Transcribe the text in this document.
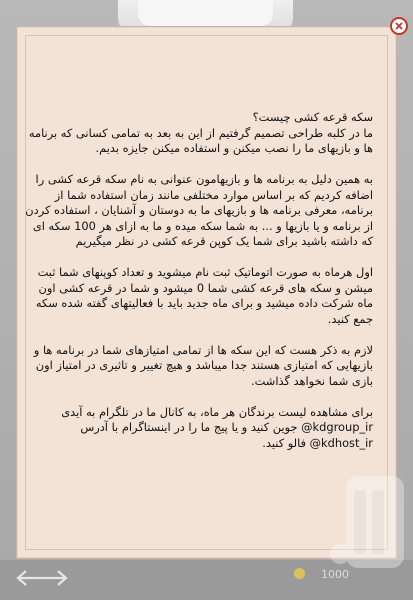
1000

سکه قرعه کشی چیست؟

ما در کلبه طراحی تصمیم گرفتیم از این به بعد به تمامی کسانی که برنامه ها و بازیهای ما را نصب میکنن و استفاده میکنن جایزه بدیم.

به همین دلیل به برنامه ها و بازیهامون عنوانی به نام سکه قرعه کشی را اضافه کردیم که بر اساس موارد مختلفی مانند زمان استفاده شما از برنامه، معرفی برنامه ها و بازیهای ما به دوستان و آشنایان ، استفاده کردن از برنامه و یا بازیها و ... به شما سکه میده و ما به ازای هر 100 سکه ای که داشته باشید برای شما یک کوپن قرعه کشی در نظر میگیریم

اول هرماه به صورت اتوماتیک ثبت نام میشوید و تعداد کوپنهای شما ثبت میشن و سکه های قرعه کشی شما 0 میشود و شما در قرعه کشی اون ماه شرکت داده میشید و برای ماه جدید باید با فعالیتهای گفته شده سکه جمع کنید.

لازم به ذکر هست که این سکه ها از تمامی امتیازهای شما در برنامه ها و بازیهایی که امتیازی هستند جدا میباشد و هیچ تغییر و تاثیری در امتیاز اون بازی شما نخواهد گذاشت.

برای مشاهده لیست برندگان هر ماه، به کانال ما در تلگرام به آیدی kdgroup_ir@ جوین کنید و یا پیج ما را در اینستاگرام با آدرس kdhost_ir@ فالو کنید.
